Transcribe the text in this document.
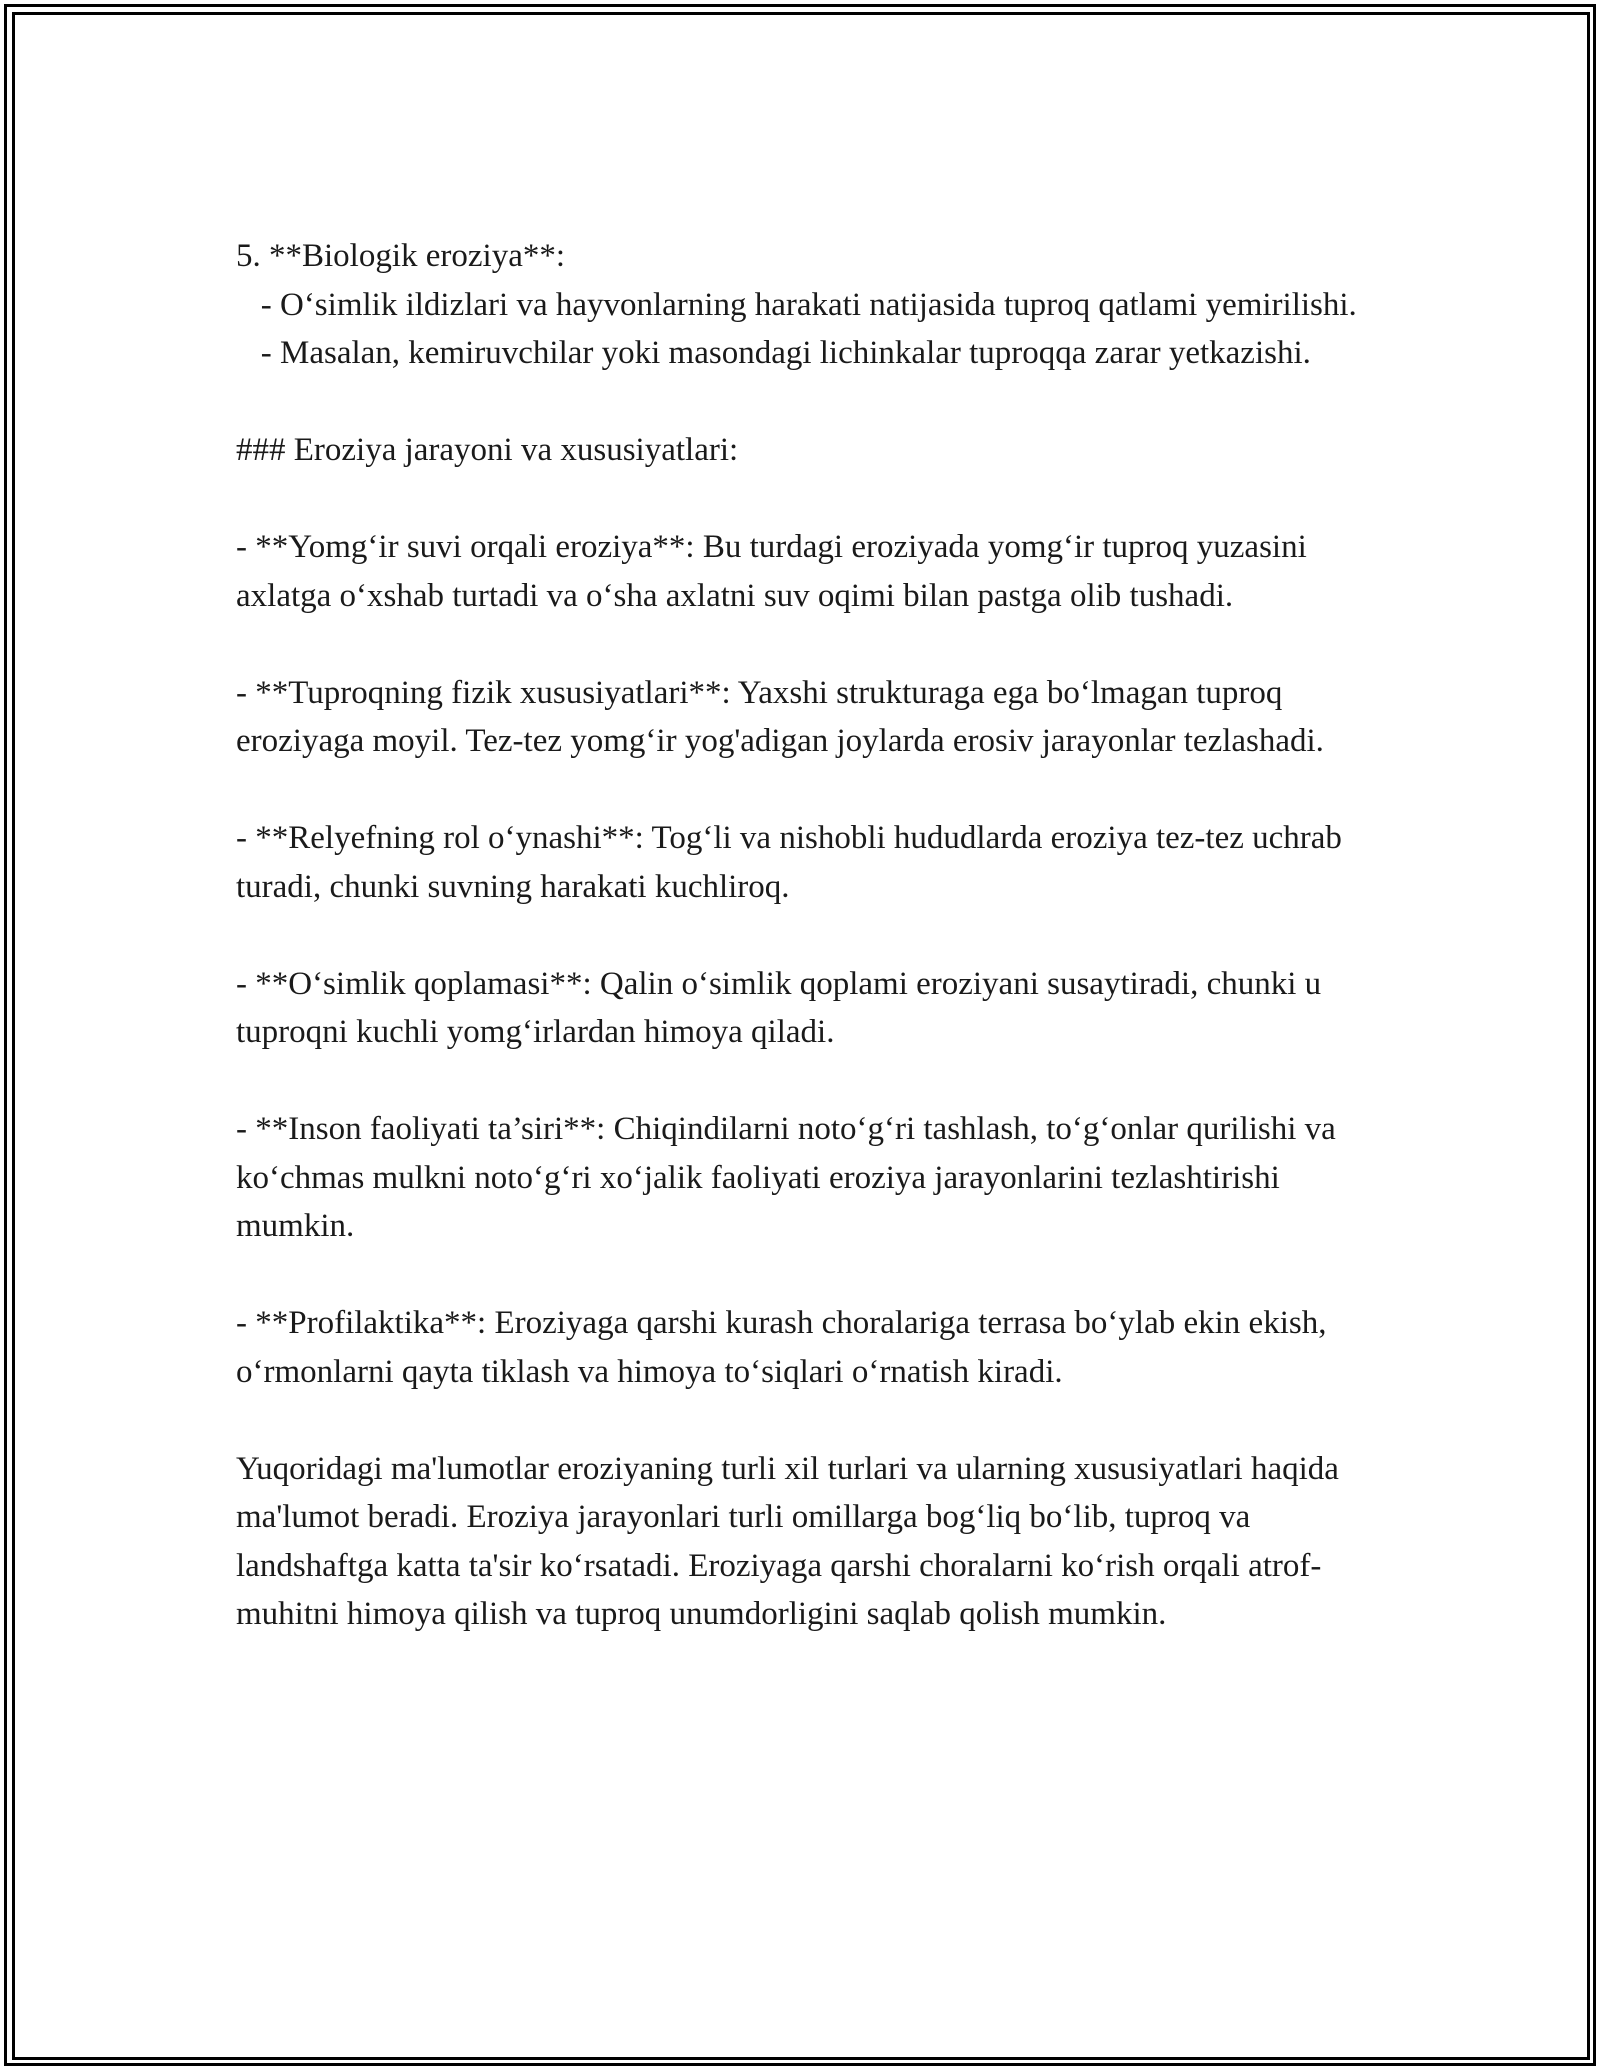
5. **Biologik eroziya**:

- O‘simlik ildizlari va hayvonlarning harakati natijasida tuproq qatlami yemirilishi.

- Masalan, kemiruvchilar yoki masondagi lichinkalar tuproqqa zarar yetkazishi.

### Eroziya jarayoni va xususiyatlari:

- **Yomg‘ir suvi orqali eroziya**: Bu turdagi eroziyada yomg‘ir tuproq yuzasini axlatga o‘xshab turtadi va o‘sha axlatni suv oqimi bilan pastga olib tushadi.

- **Tuproqning fizik xususiyatlari**: Yaxshi strukturaga ega bo‘lmagan tuproq eroziyaga moyil. Tez-tez yomg‘ir yog'adigan joylarda erosiv jarayonlar tezlashadi.

- **Relyefning rol o‘ynashi**: Tog‘li va nishobli hududlarda eroziya tez-tez uchrab turadi, chunki suvning harakati kuchliroq.

- **O‘simlik qoplamasi**: Qalin o‘simlik qoplami eroziyani susaytiradi, chunki u tuproqni kuchli yomg‘irlardan himoya qiladi.

- **Inson faoliyati ta’siri**: Chiqindilarni noto‘g‘ri tashlash, to‘g‘onlar qurilishi va ko‘chmas mulkni noto‘g‘ri xo‘jalik faoliyati eroziya jarayonlarini tezlashtirishi mumkin.

- **Profilaktika**: Eroziyaga qarshi kurash choralariga terrasa bo‘ylab ekin ekish, o‘rmonlarni qayta tiklash va himoya to‘siqlari o‘rnatish kiradi.

Yuqoridagi ma'lumotlar eroziyaning turli xil turlari va ularning xususiyatlari haqida ma'lumot beradi. Eroziya jarayonlari turli omillarga bog‘liq bo‘lib, tuproq va landshaftga katta ta'sir ko‘rsatadi. Eroziyaga qarshi choralarni ko‘rish orqali atrof-muhitni himoya qilish va tuproq unumdorligini saqlab qolish mumkin.
